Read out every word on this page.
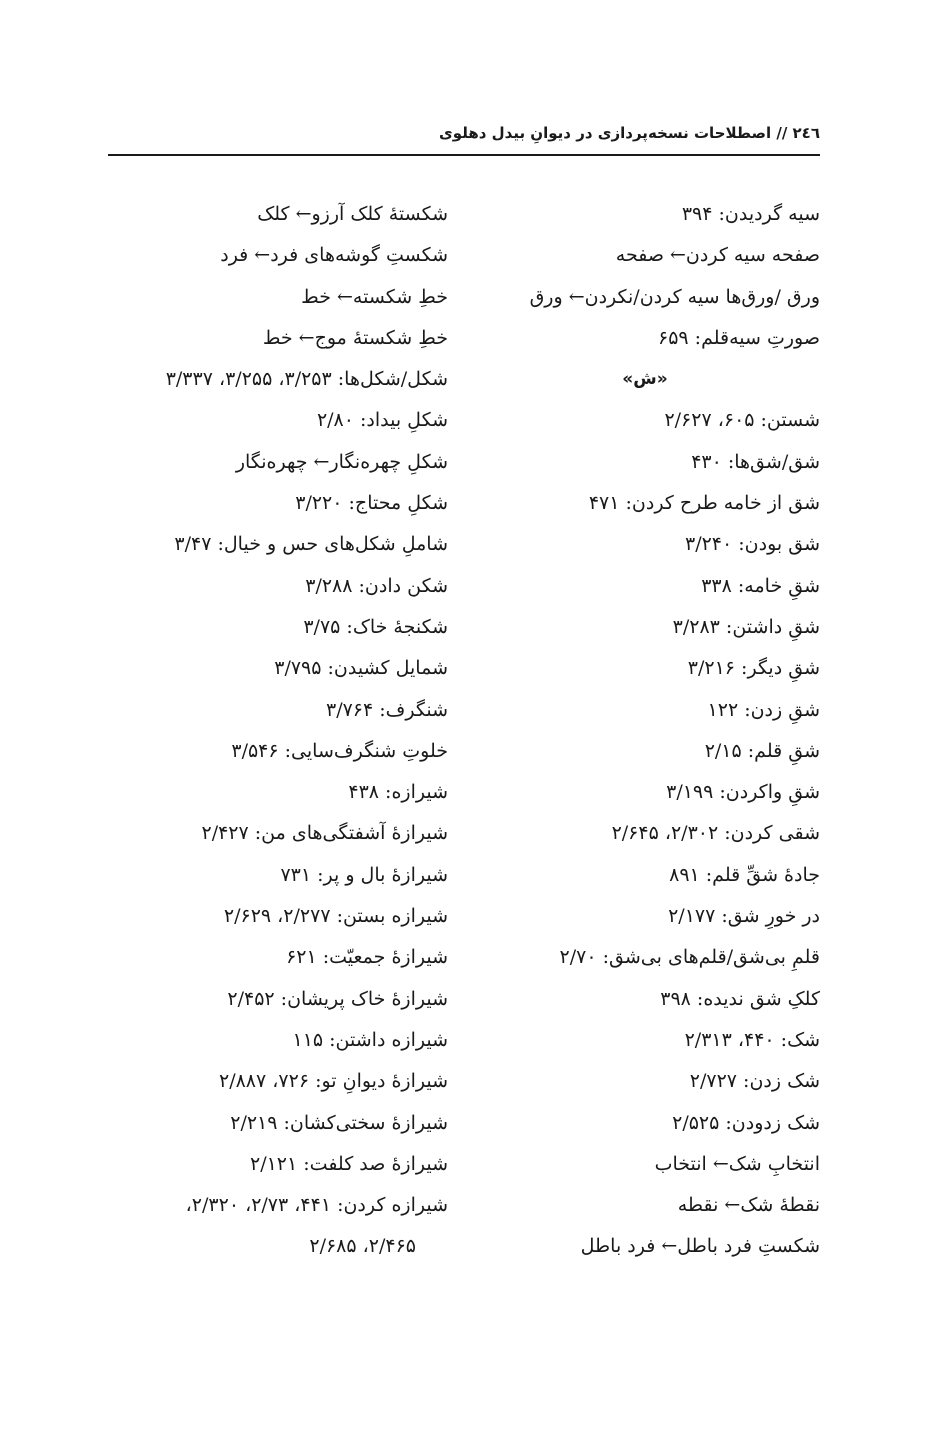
٢٤٦ // اصطلاحات نسخه‌پردازی در دیوانِ بیدل دهلوی
سیه گردیدن: ۳۹۴
صفحه سیه کردن← صفحه
ورق /ورق‌ها سیه کردن/نکردن← ورق
صورتِ سیه‌قلم: ۶۵۹
«ش»
شستن: ۶۰۵، ۲/۶۲۷
شق/شق‌ها: ۴۳۰
شق از خامه طرح کردن: ۴۷۱
شق بودن: ۳/۲۴۰
شقِ خامه: ۳۳۸
شقِ داشتن: ۳/۲۸۳
شقِ دیگر: ۳/۲۱۶
شقِ زدن: ۱۲۲
شقِ قلم: ۲/۱۵
شقِ واکردن: ۳/۱۹۹
شقی کردن: ۲/۳۰۲، ۲/۶۴۵
جادهٔ شقِّ قلم: ۸۹۱
در خورِ شق: ۲/۱۷۷
قلمِ بی‌شق/قلم‌های بی‌شق: ۲/۷۰
کلکِ شق ندیده: ۳۹۸
شک: ۴۴۰، ۲/۳۱۳
شک زدن: ۲/۷۲۷
شک زدودن: ۲/۵۲۵
انتخابِ شک← انتخاب
نقطهٔ شک← نقطه
شکستِ فرد باطل← فرد باطل
شکستهٔ کلک آرزو← کلک
شکستِ گوشه‌های فرد← فرد
خطِ شکسته← خط
خطِ شکستهٔ موج← خط
شکل/شکل‌ها: ۳/۲۵۳، ۳/۲۵۵، ۳/۳۳۷
شکلِ بیداد: ۲/۸۰
شکلِ چهره‌نگار← چهره‌نگار
شکلِ محتاج: ۳/۲۲۰
شاملِ شکل‌های حس و خیال: ۳/۴۷
شکن دادن: ۳/۲۸۸
شکنجهٔ خاک: ۳/۷۵
شمایل کشیدن: ۳/۷۹۵
شنگرف: ۳/۷۶۴
خلوتِ شنگرف‌سایی: ۳/۵۴۶
شیرازه: ۴۳۸
شیرازهٔ آشفتگی‌های من: ۲/۴۲۷
شیرازهٔ بال و پر: ۷۳۱
شیرازه بستن: ۲/۲۷۷، ۲/۶۲۹
شیرازهٔ جمعیّت: ۶۲۱
شیرازهٔ خاک پریشان: ۲/۴۵۲
شیرازه داشتن: ۱۱۵
شیرازهٔ دیوانِ تو: ۷۲۶، ۲/۸۸۷
شیرازهٔ سختی‌کشان: ۲/۲۱۹
شیرازهٔ صد کلفت: ۲/۱۲۱
شیرازه کردن: ۴۴۱، ۲/۷۳، ۲/۳۲۰،
۲/۴۶۵، ۲/۶۸۵
